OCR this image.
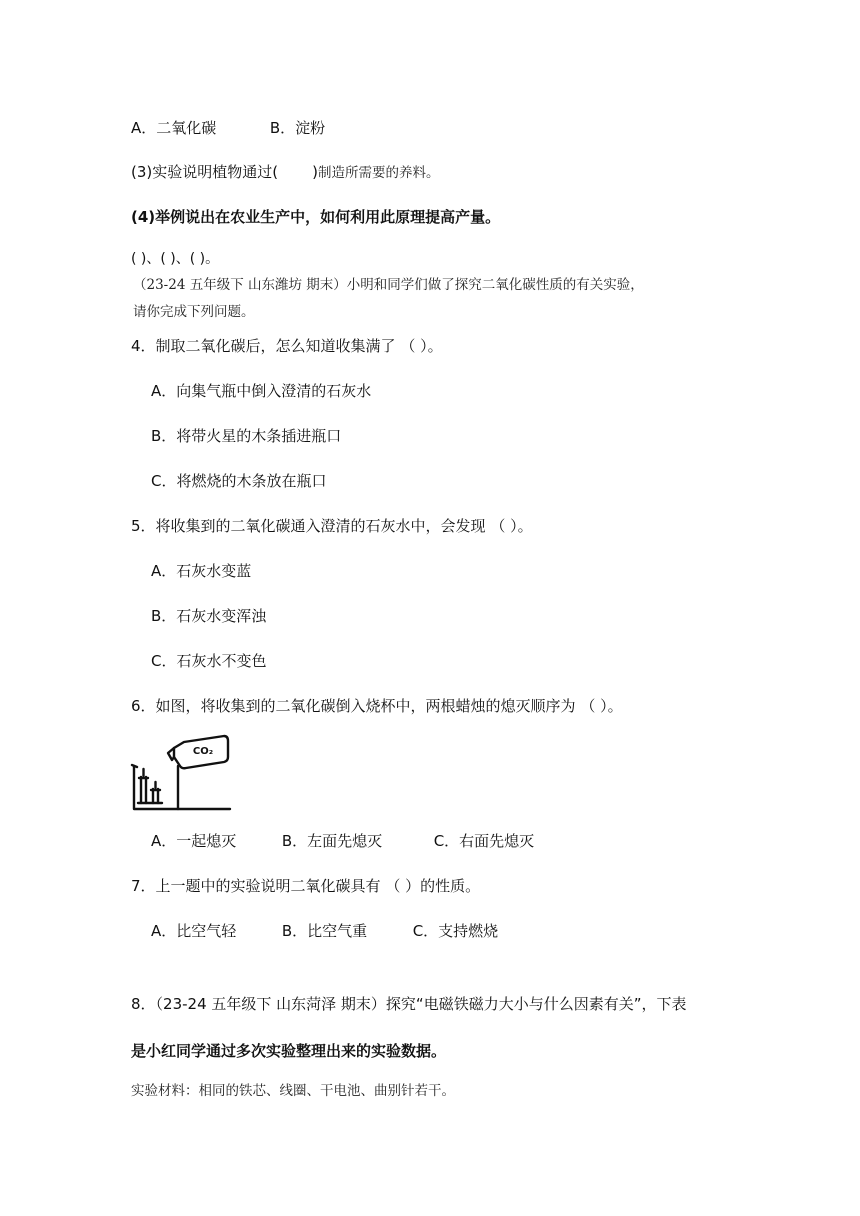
A．二氧化碳	B．淀粉
(3)实验说明植物通过( )制造所需要的养料。
(4)举例说出在农业生产中，如何利用此原理提高产量。
( )、( )、( )。
（23-24 五年级下 山东潍坊 期末）小明和同学们做了探究二氧化碳性质的有关实验，
请你完成下列问题。
4．制取二氧化碳后，怎么知道收集满了 （ ）。
A．向集气瓶中倒入澄清的石灰水
B．将带火星的木条插进瓶口
C．将燃烧的木条放在瓶口
5．将收集到的二氧化碳通入澄清的石灰水中，会发现 （ ）。
A．石灰水变蓝
B．石灰水变浑浊
C．石灰水不变色
6．如图，将收集到的二氧化碳倒入烧杯中，两根蜡烛的熄灭顺序为 （ ）。
CO₂
A．一起熄灭	B．左面先熄灭	C．右面先熄灭
7．上一题中的实验说明二氧化碳具有 （ ）的性质。
A．比空气轻	B．比空气重	C．支持燃烧
8．（23-24 五年级下 山东菏泽 期末）探究“电磁铁磁力大小与什么因素有关”，下表
是小红同学通过多次实验整理出来的实验数据。
实验材料：相同的铁芯、线圈、干电池、曲别针若干。
